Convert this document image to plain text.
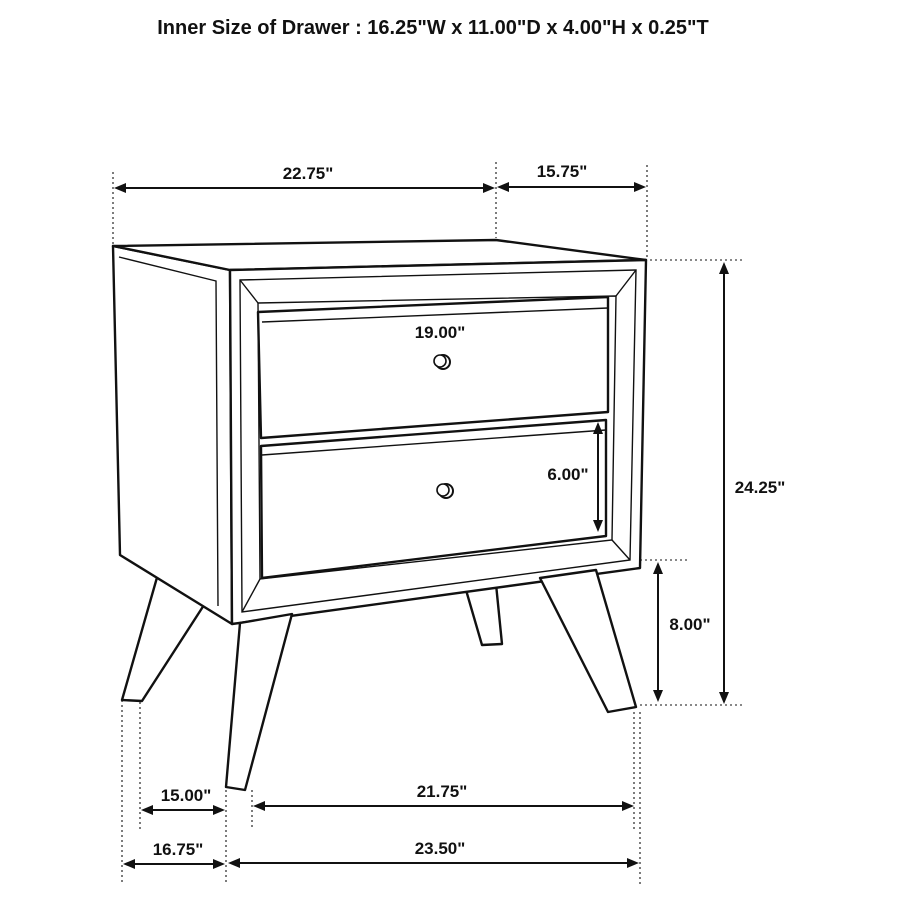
Inner Size of Drawer : 16.25"W x 11.00"D x 4.00"H x 0.25"T
22.75"	15.75"
19.00"
6.00"
24.25"
8.00"
15.00"	21.75"
16.75"	23.50"
